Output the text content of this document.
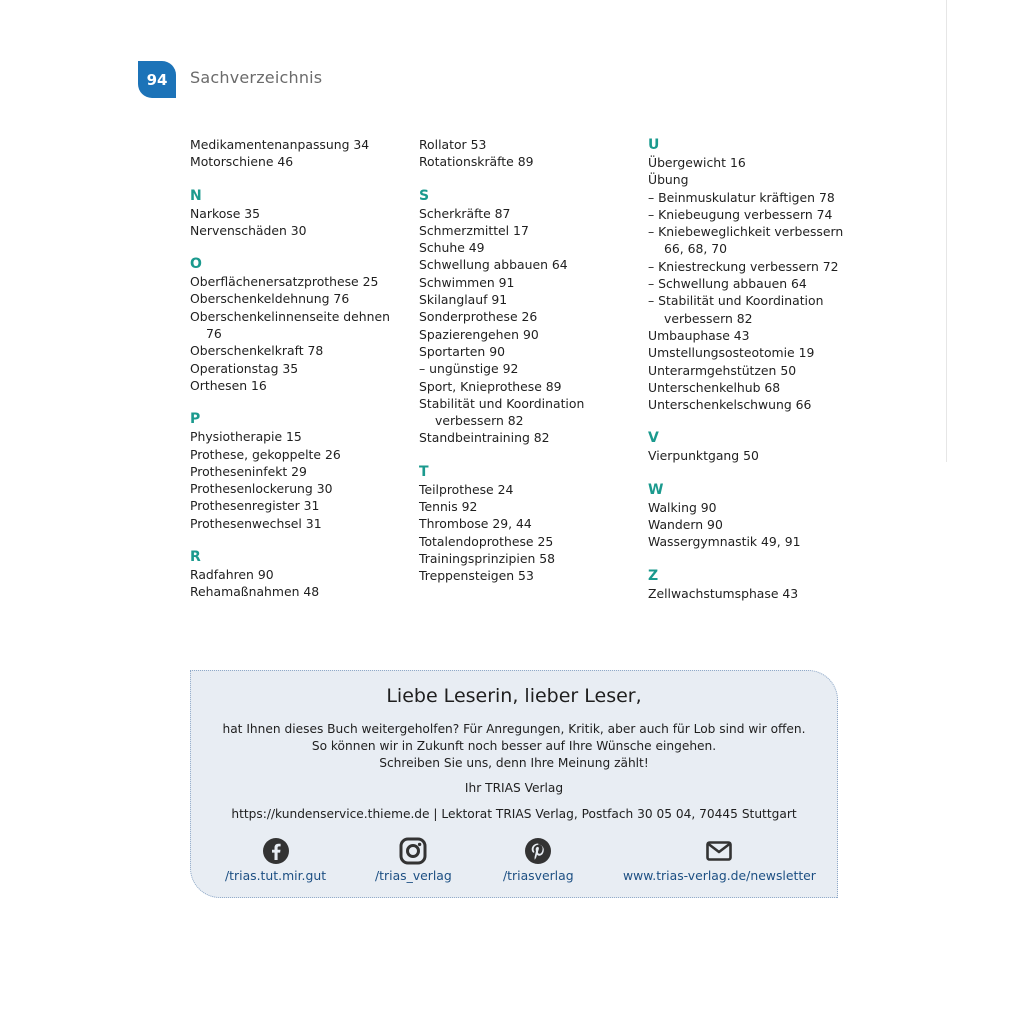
94 Sachverzeichnis
Medikamentenanpassung 34
Motorschiene 46
N
Narkose 35
Nervenschäden 30
O
Oberflächenersatzprothese 25
Oberschenkeldehnung 76
Oberschenkelinnenseite dehnen
76
Oberschenkelkraft 78
Operationstag 35
Orthesen 16
P
Physiotherapie 15
Prothese, gekoppelte 26
Protheseninfekt 29
Prothesenlockerung 30
Prothesenregister 31
Prothesenwechsel 31
R
Radfahren 90
Rehamaßnahmen 48
Rollator 53
Rotationskräfte 89
S
Scherkräfte 87
Schmerzmittel 17
Schuhe 49
Schwellung abbauen 64
Schwimmen 91
Skilanglauf 91
Sonderprothese 26
Spazierengehen 90
Sportarten 90
– ungünstige 92
Sport, Knieprothese 89
Stabilität und Koordination
verbessern 82
Standbeintraining 82
T
Teilprothese 24
Tennis 92
Thrombose 29, 44
Totalendoprothese 25
Trainingsprinzipien 58
Treppensteigen 53
U
Übergewicht 16
Übung
– Beinmuskulatur kräftigen 78
– Kniebeugung verbessern 74
– Kniebeweglichkeit verbessern
66, 68, 70
– Kniestreckung verbessern 72
– Schwellung abbauen 64
– Stabilität und Koordination
verbessern 82
Umbauphase 43
Umstellungsosteotomie 19
Unterarmgehstützen 50
Unterschenkelhub 68
Unterschenkelschwung 66
V
Vierpunktgang 50
W
Walking 90
Wandern 90
Wassergymnastik 49, 91
Z
Zellwachstumsphase 43
Liebe Leserin, lieber Leser,
hat Ihnen dieses Buch weitergeholfen? Für Anregungen, Kritik, aber auch für Lob sind wir offen.
So können wir in Zukunft noch besser auf Ihre Wünsche eingehen.
Schreiben Sie uns, denn Ihre Meinung zählt!
Ihr TRIAS Verlag
https://kundenservice.thieme.de | Lektorat TRIAS Verlag, Postfach 30 05 04, 70445 Stuttgart
/trias.tut.mir.gut	/trias_verlag	/triasverlag	www.trias-verlag.de/newsletter
